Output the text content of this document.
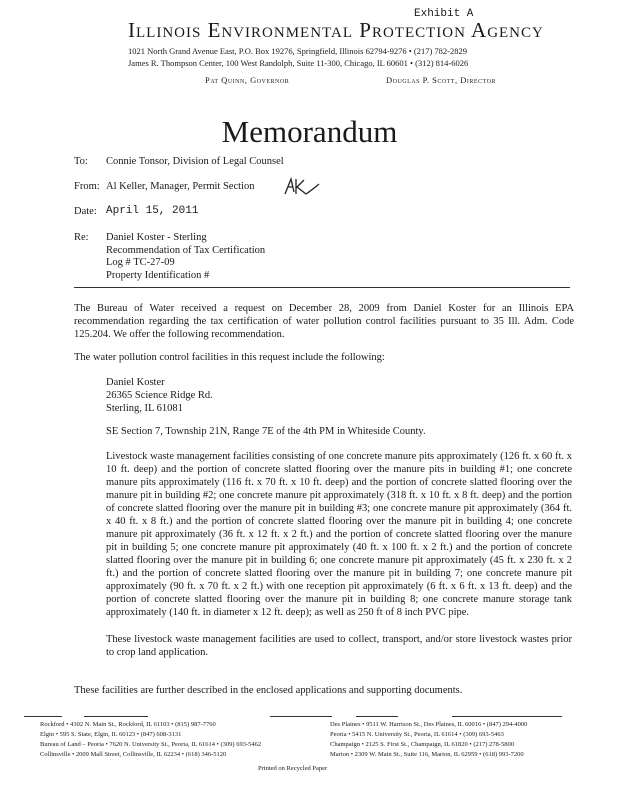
Exhibit A
Illinois Environmental Protection Agency
1021 North Grand Avenue East, P.O. Box 19276, Springfield, Illinois 62794-9276 • (217) 782-2829
James R. Thompson Center, 100 West Randolph, Suite 11-300, Chicago, IL 60601 • (312) 814-6026
Pat Quinn, Governor	Douglas P. Scott, Director
Memorandum
To: Connie Tonsor, Division of Legal Counsel
From: Al Keller, Manager, Permit Section
Date: April 15, 2011
Re: Daniel Koster - Sterling
Recommendation of Tax Certification
Log # TC-27-09
Property Identification #
The Bureau of Water received a request on December 28, 2009 from Daniel Koster for an Illinois EPA recommendation regarding the tax certification of water pollution control facilities pursuant to 35 Ill. Adm. Code 125.204. We offer the following recommendation.
The water pollution control facilities in this request include the following:
Daniel Koster
26365 Science Ridge Rd.
Sterling, IL 61081
SE Section 7, Township 21N, Range 7E of the 4th PM in Whiteside County.
Livestock waste management facilities consisting of one concrete manure pits approximately (126 ft. x 60 ft. x 10 ft. deep) and the portion of concrete slatted flooring over the manure pits in building #1; one concrete manure pits approximately (116 ft. x 70 ft. x 10 ft. deep) and the portion of concrete slatted flooring over the manure pit in building #2; one concrete manure pit approximately (318 ft. x 10 ft. x 8 ft. deep) and the portion of concrete slatted flooring over the manure pit in building #3; one concrete manure pit approximately (364 ft. x 40 ft. x 8 ft.) and the portion of concrete slatted flooring over the manure pit in building 4; one concrete manure pit approximately (36 ft. x 12 ft. x 2 ft.) and the portion of concrete slatted flooring over the manure pit in building 5; one concrete manure pit approximately (40 ft. x 100 ft. x 2 ft.) and the portion of concrete slatted flooring over the manure pit in building 6; one concrete manure pit approximately (45 ft. x 230 ft. x 2 ft.) and the portion of concrete slatted flooring over the manure pit in building 7; one concrete manure pit approximately (90 ft. x 70 ft. x 2 ft.) with one reception pit approximately (6 ft. x 6 ft. x 13 ft. deep) and the portion of concrete slatted flooring over the manure pit in building 8; one concrete manure storage tank approximately (140 ft. in diameter x 12 ft. deep); as well as 250 ft of 8 inch PVC pipe.
These livestock waste management facilities are used to collect, transport, and/or store livestock wastes prior to crop land application.
These facilities are further described in the enclosed applications and supporting documents.
Rockford • 4302 N. Main St., Rockford, IL 61103 • (815) 987-7760
Elgin • 595 S. State, Elgin, IL 60123 • (847) 608-3131
Bureau of Land – Peoria • 7620 N. University St., Peoria, IL 61614 • (309) 693-5462
Collinsville • 2009 Mall Street, Collinsville, IL 62234 • (618) 346-5120
Des Plaines • 9511 W. Harrison St., Des Plaines, IL 60016 • (847) 294-4000
Peoria • 5415 N. University St., Peoria, IL 61614 • (309) 693-5463
Champaign • 2125 S. First St., Champaign, IL 61820 • (217) 278-5800
Marion • 2309 W. Main St., Suite 116, Marion, IL 62959 • (618) 993-7200
Printed on Recycled Paper
